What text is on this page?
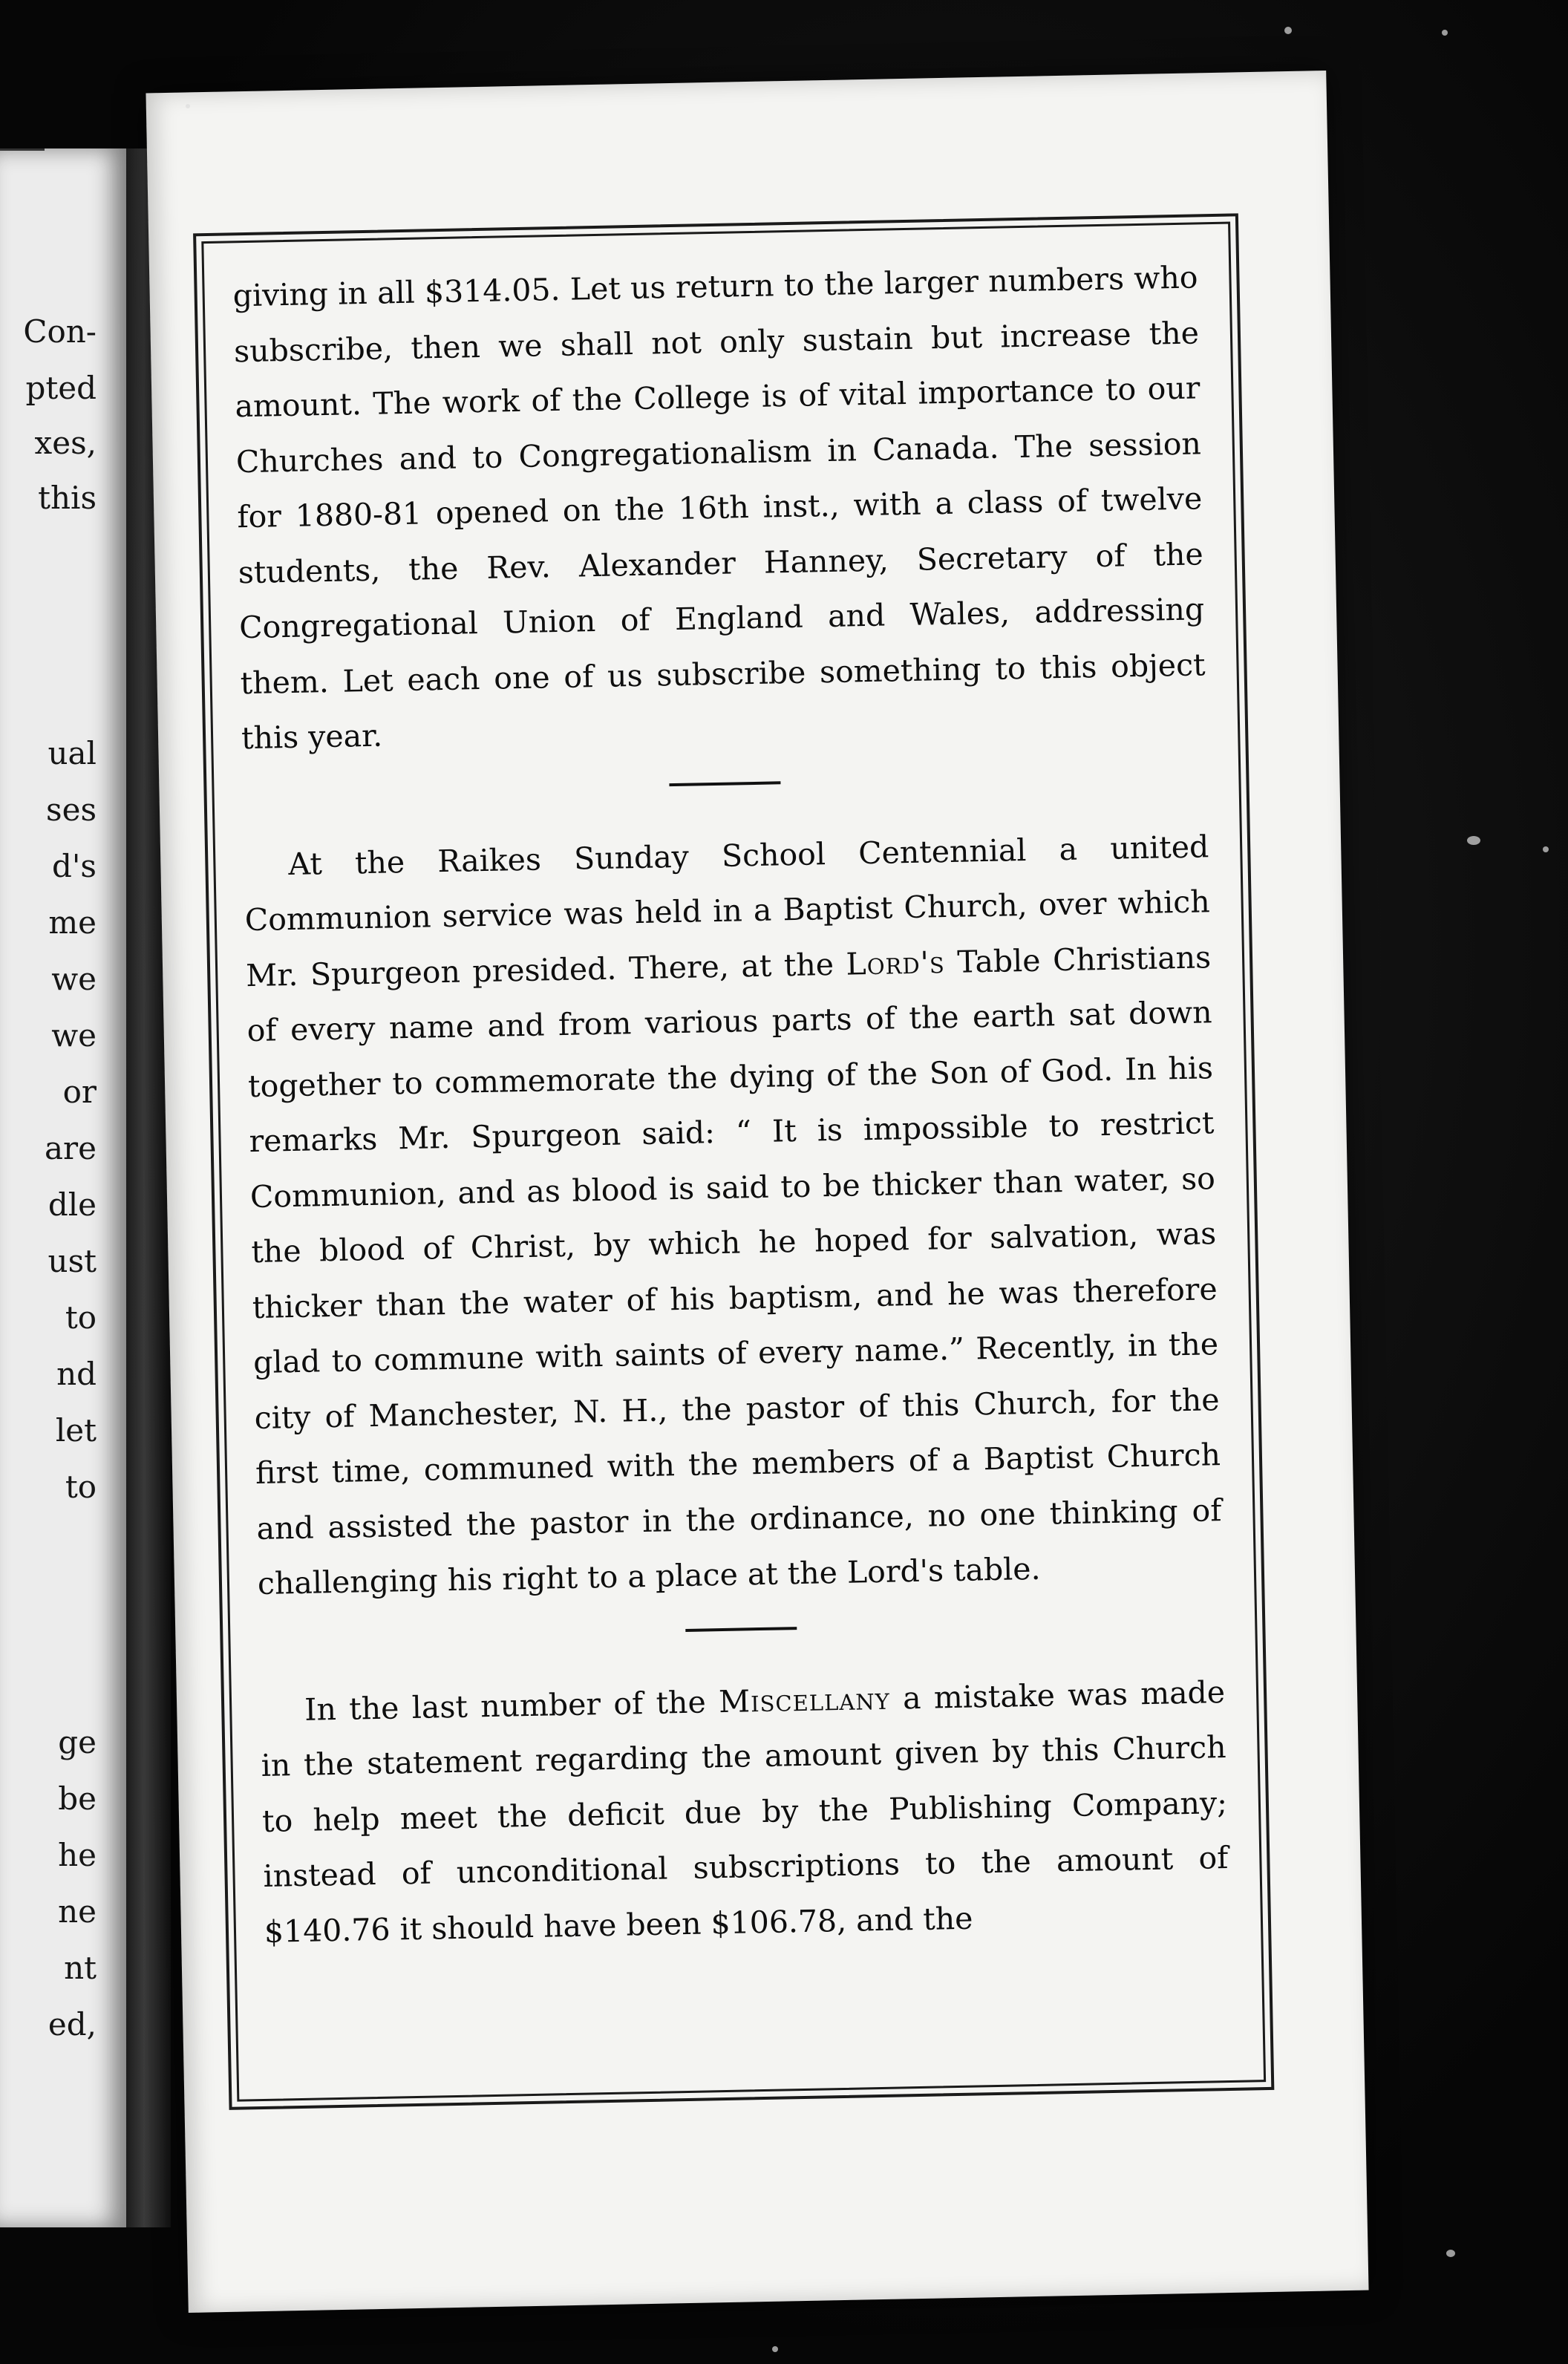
Con-
pted
xes,
this
ual
ses
d's
me
we
we
or
are
dle
ust
to
nd
let
to
ge
be
he
ne
nt
ed,

giving in all $314.05. Let us return to the larger numbers who subscribe, then we shall not only sustain but increase the amount. The work of the College is of vital importance to our Churches and to Congregationalism in Canada. The session for 1880-81 opened on the 16th inst., with a class of twelve students, the Rev. Alexander Hanney, Secretary of the Congregational Union of England and Wales, addressing them. Let each one of us subscribe something to this object this year.

At the Raikes Sunday School Centennial a united Communion service was held in a Baptist Church, over which Mr. Spurgeon presided. There, at the Lord's Table Christians of every name and from various parts of the earth sat down together to commemorate the dying of the Son of God. In his remarks Mr. Spurgeon said: “ It is impossible to restrict Communion, and as blood is said to be thicker than water, so the blood of Christ, by which he hoped for salvation, was thicker than the water of his baptism, and he was therefore glad to commune with saints of every name.” Recently, in the city of Manchester, N. H., the pastor of this Church, for the first time, communed with the members of a Baptist Church and assisted the pastor in the ordinance, no one thinking of challenging his right to a place at the Lord's table.

In the last number of the Miscellany a mistake was made in the statement regarding the amount given by this Church to help meet the deficit due by the Publishing Company; instead of unconditional subscriptions to the amount of $140.76 it should have been $106.78, and the
